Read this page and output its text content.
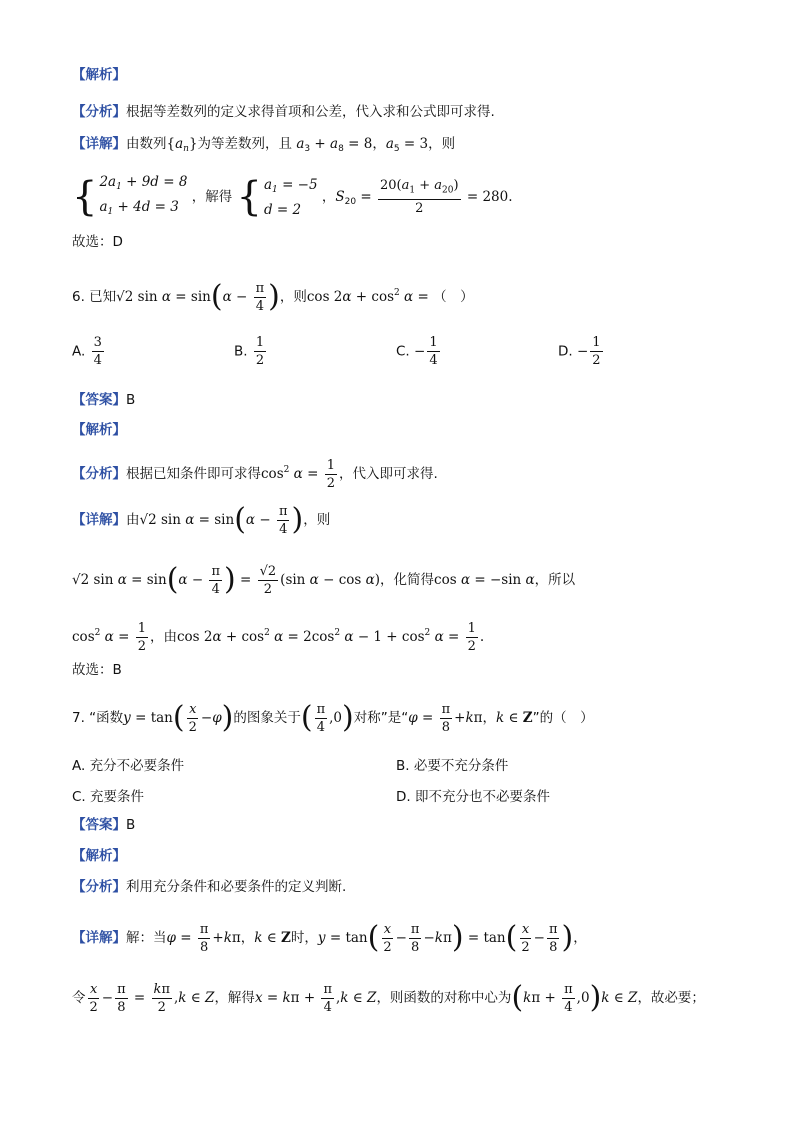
【解析】
【分析】根据等差数列的定义求得首项和公差，代入求和公式即可求得.
【详解】由数列$\{a_n\}$为等差数列，且 $a_3 + a_8 = 8$，$a_5 = 3$，则
{ $2a_1 + 9d = 8$
$a_1 + 4d = 3$
，解得 { $a_1 = -5$
d = 2
，$S_{20} = \frac{20(a_1 + a_{20})}{2} = 280$.
故选：D
6. 已知√2 $\sin \alpha = \sin(\alpha - \frac{\pi}{4}$ )，则$\cos 2\alpha + \cos^2 \alpha$ = （　）
A. $\frac{3}{4}$	B. $\frac{1}{2}$	C. − $\frac{1}{4}$	D. − $\frac{1}{2}$
【答案】B
【解析】
【分析】根据已知条件即可求得$\cos^2 \alpha = \frac{1}{2}$ ，代入即可求得.
【详解】由√2 $\sin \alpha = \sin(\alpha - \frac{\pi}{4}$ )，则
√2 $\sin \alpha = \sin(\alpha - \frac{\pi}{4}$ ) = $\frac{√2}{2} (\sin$ α − cos α)，化简得cos α = −sin α，所以
$\cos^2 \alpha = \frac{1}{2}$ ，由$\cos 2\alpha + \cos^2 \alpha = 2\cos^2$ $\alpha - 1 + \cos^2 \alpha = \frac{1}{2}$ .
故选：B
7. “函数$y = \tan( \frac{x}{2} -\varphi)$的图象关于( $\frac{\pi}{4} ,0$)对称”是“$\varphi = \frac{\pi}{8} +k\pi$，k ∈ Z”的（　）
A. 充分不必要条件	B. 必要不充分条件
C. 充要条件	D. 即不充分也不必要条件
【答案】B
【解析】
【分析】利用充分条件和必要条件的定义判断.
【详解】解：当$\varphi = \frac{\pi}{8} +k\pi$，k ∈ Z时，$y = \tan( \frac{x}{2} - \frac{\pi}{8} -k\pi) = \tan( \frac{x}{2} - \frac{\pi}{8}$ )，
令 $\frac{x}{2} - \frac{\pi}{8} = \frac{k\pi}{2} ,k$ ∈ Z，解得$x = k\pi + \frac{\pi}{4} ,k$ ∈ Z，则函数的对称中心为$(k\pi + \frac{\pi}{4} ,0)k$ ∈ Z，故必要；
